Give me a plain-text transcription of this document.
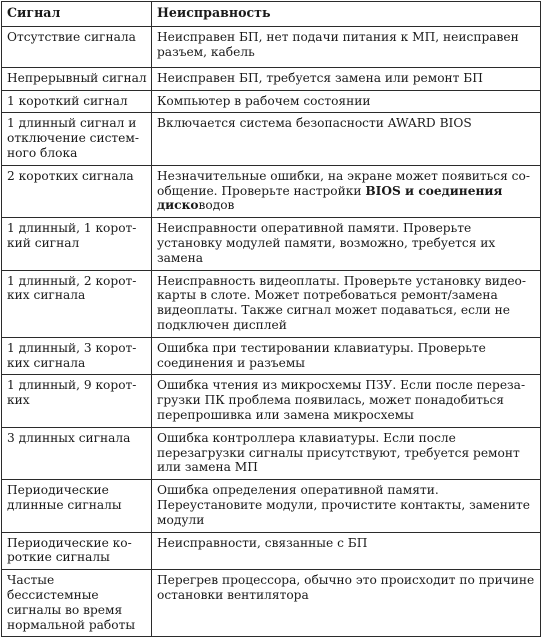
Сигнал	Неисправность
Отсутствие сигнала	Неисправен БП, нет подачи питания к МП, неисправен разъем, кабель
Непрерывный сигнал	Неисправен БП, требуется замена или ремонт БП
1 короткий сигнал	Компьютер в рабочем состоянии
1 длинный сигнал и отключение системного блока	Включается система безопасности AWARD BIOS
2 коротких сигнала	Незначительные ошибки, на экране может появиться сообщение. Проверьте настройки BIOS и соединения дисководов
1 длинный, 1 короткий сигнал	Неисправности оперативной памяти. Проверьте установку модулей памяти, возможно, требуется их замена
1 длинный, 2 коротких сигнала	Неисправность видеоплаты. Проверьте установку видеокарты в слоте. Может потребоваться ремонт/замена видеоплаты. Также сигнал может подаваться, если не подключен дисплей
1 длинный, 3 коротких сигнала	Ошибка при тестировании клавиатуры. Проверьте соединения и разъемы
1 длинный, 9 коротких	Ошибка чтения из микросхемы ПЗУ. Если после перезагрузки ПК проблема появилась, может понадобиться перепрошивка или замена микросхемы
3 длинных сигнала	Ошибка контроллера клавиатуры. Если после перезагрузки сигналы присутствуют, требуется ремонт или замена МП
Периодические длинные сигналы	Ошибка определения оперативной памяти. Переустановите модули, прочистите контакты, замените модули
Периодические короткие сигналы	Неисправности, связанные с БП
Частые бессистемные сигналы во время нормальной работы	Перегрев процессора, обычно это происходит по причине остановки вентилятора
